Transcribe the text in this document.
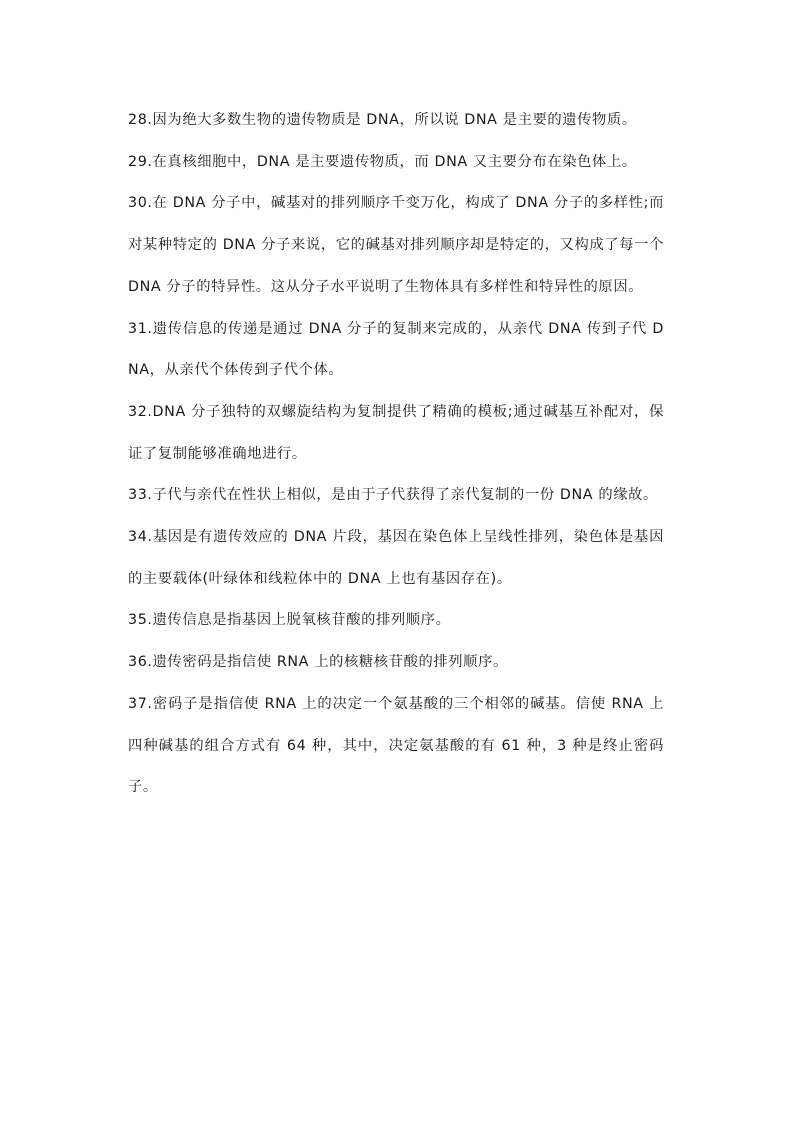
28.因为绝大多数生物的遗传物质是 DNA，所以说 DNA 是主要的遗传物质。

29.在真核细胞中，DNA 是主要遗传物质，而 DNA 又主要分布在染色体上。

30.在 DNA 分子中，碱基对的排列顺序千变万化，构成了 DNA 分子的多样性;而对某种特定的 DNA 分子来说，它的碱基对排列顺序却是特定的，又构成了每一个 DNA 分子的特异性。这从分子水平说明了生物体具有多样性和特异性的原因。

31.遗传信息的传递是通过 DNA 分子的复制来完成的，从亲代 DNA 传到子代 DNA，从亲代个体传到子代个体。

32.DNA 分子独特的双螺旋结构为复制提供了精确的模板;通过碱基互补配对，保证了复制能够准确地进行。

33.子代与亲代在性状上相似，是由于子代获得了亲代复制的一份 DNA 的缘故。

34.基因是有遗传效应的 DNA 片段，基因在染色体上呈线性排列，染色体是基因的主要载体(叶绿体和线粒体中的 DNA 上也有基因存在)。

35.遗传信息是指基因上脱氧核苷酸的排列顺序。

36.遗传密码是指信使 RNA 上的核糖核苷酸的排列顺序。

37.密码子是指信使 RNA 上的决定一个氨基酸的三个相邻的碱基。信使 RNA 上四种碱基的组合方式有 64 种，其中，决定氨基酸的有 61 种，3 种是终止密码子。
